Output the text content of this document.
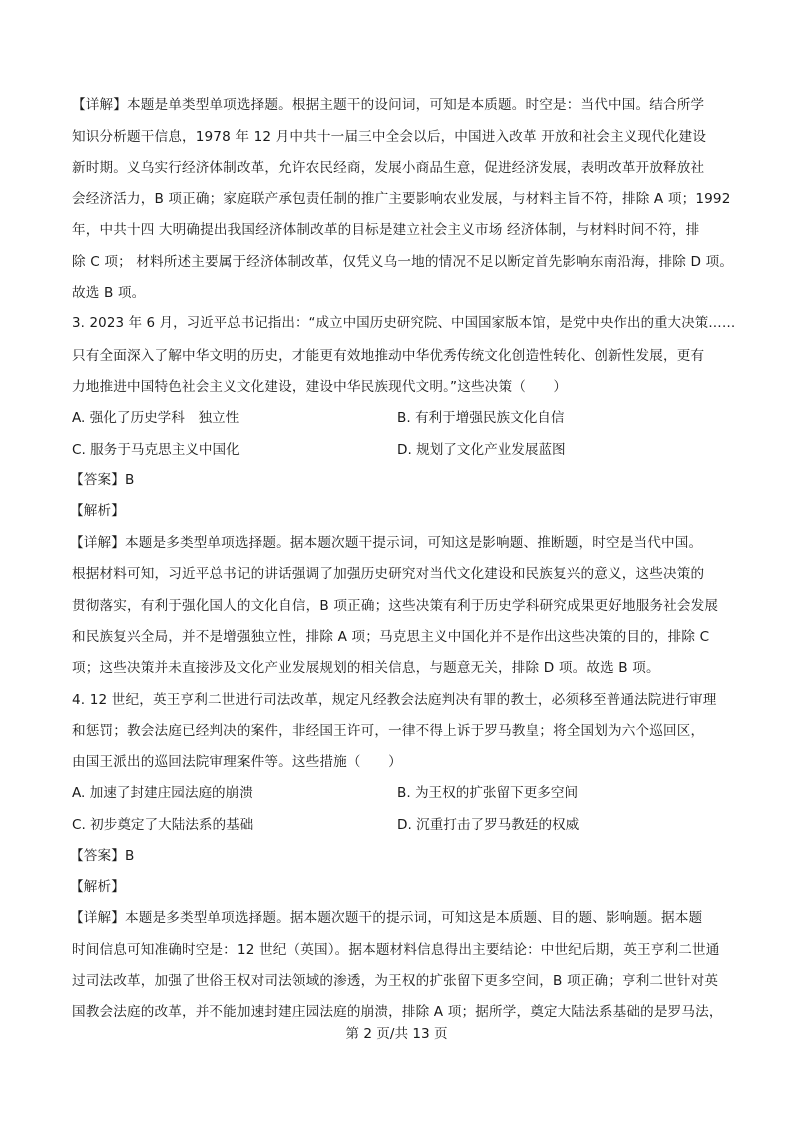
【详解】本题是单类型单项选择题。根据主题干的设问词，可知是本质题。时空是：当代中国。结合所学
知识分析题干信息，1978 年 12 月中共十一届三中全会以后，中国进入改革 开放和社会主义现代化建设
新时期。义乌实行经济体制改革，允许农民经商，发展小商品生意，促进经济发展，表明改革开放释放社
会经济活力，B 项正确；家庭联产承包责任制的推广主要影响农业发展，与材料主旨不符，排除 A 项；1992
年，中共十四 大明确提出我国经济体制改革的目标是建立社会主义市场 经济体制，与材料时间不符，排
除 C 项； 材料所述主要属于经济体制改革，仅凭义乌一地的情况不足以断定首先影响东南沿海，排除 D 项。
故选 B 项。
3. 2023 年 6 月，习近平总书记指出：“成立中国历史研究院、中国国家版本馆，是党中央作出的重大决策……
只有全面深入了解中华文明的历史，才能更有效地推动中华优秀传统文化创造性转化、创新性发展，更有
力地推进中国特色社会主义文化建设，建设中华民族现代文明。”这些决策（　　）
A. 强化了历史学科　独立性	B. 有利于增强民族文化自信
C. 服务于马克思主义中国化	D. 规划了文化产业发展蓝图
【答案】B
【解析】
【详解】本题是多类型单项选择题。据本题次题干提示词，可知这是影响题、推断题，时空是当代中国。
根据材料可知，习近平总书记的讲话强调了加强历史研究对当代文化建设和民族复兴的意义，这些决策的
贯彻落实，有利于强化国人的文化自信，B 项正确；这些决策有利于历史学科研究成果更好地服务社会发展
和民族复兴全局，并不是增强独立性，排除 A 项；马克思主义中国化并不是作出这些决策的目的，排除 C
项；这些决策并未直接涉及文化产业发展规划的相关信息，与题意无关，排除 D 项。故选 B 项。
4. 12 世纪，英王亨利二世进行司法改革，规定凡经教会法庭判决有罪的教士，必须移至普通法院进行审理
和惩罚；教会法庭已经判决的案件，非经国王许可，一律不得上诉于罗马教皇；将全国划为六个巡回区，
由国王派出的巡回法院审理案件等。这些措施（　　）
A. 加速了封建庄园法庭的崩溃	B. 为王权的扩张留下更多空间
C. 初步奠定了大陆法系的基础	D. 沉重打击了罗马教廷的权威
【答案】B
【解析】
【详解】本题是多类型单项选择题。据本题次题干的提示词，可知这是本质题、目的题、影响题。据本题
时间信息可知准确时空是：12 世纪（英国）。据本题材料信息得出主要结论：中世纪后期，英王亨利二世通
过司法改革，加强了世俗王权对司法领域的渗透，为王权的扩张留下更多空间，B 项正确；亨利二世针对英
国教会法庭的改革，并不能加速封建庄园法庭的崩溃，排除 A 项；据所学，奠定大陆法系基础的是罗马法，
第 2 页/共 13 页
